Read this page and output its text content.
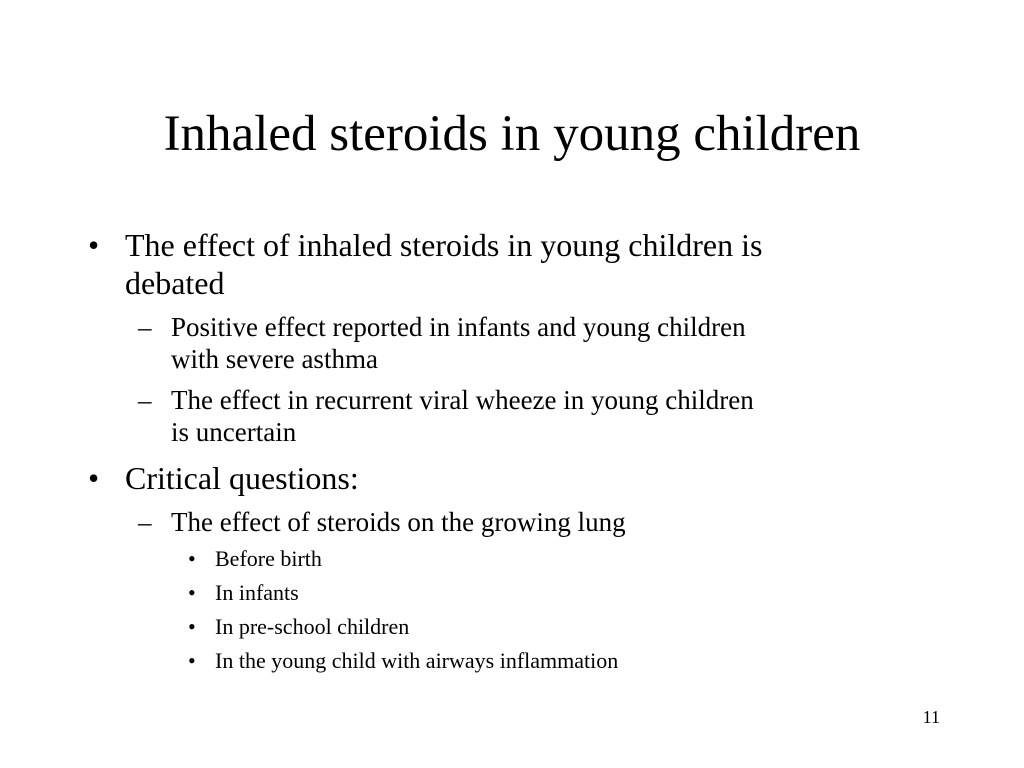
Inhaled steroids in young children
• The effect of inhaled steroids in young children is
debated
– Positive effect reported in infants and young children
with severe asthma
– The effect in recurrent viral wheeze in young children
is uncertain
• Critical questions:
– The effect of steroids on the growing lung
• Before birth
• In infants
• In pre-school children
• In the young child with airways inflammation
11
